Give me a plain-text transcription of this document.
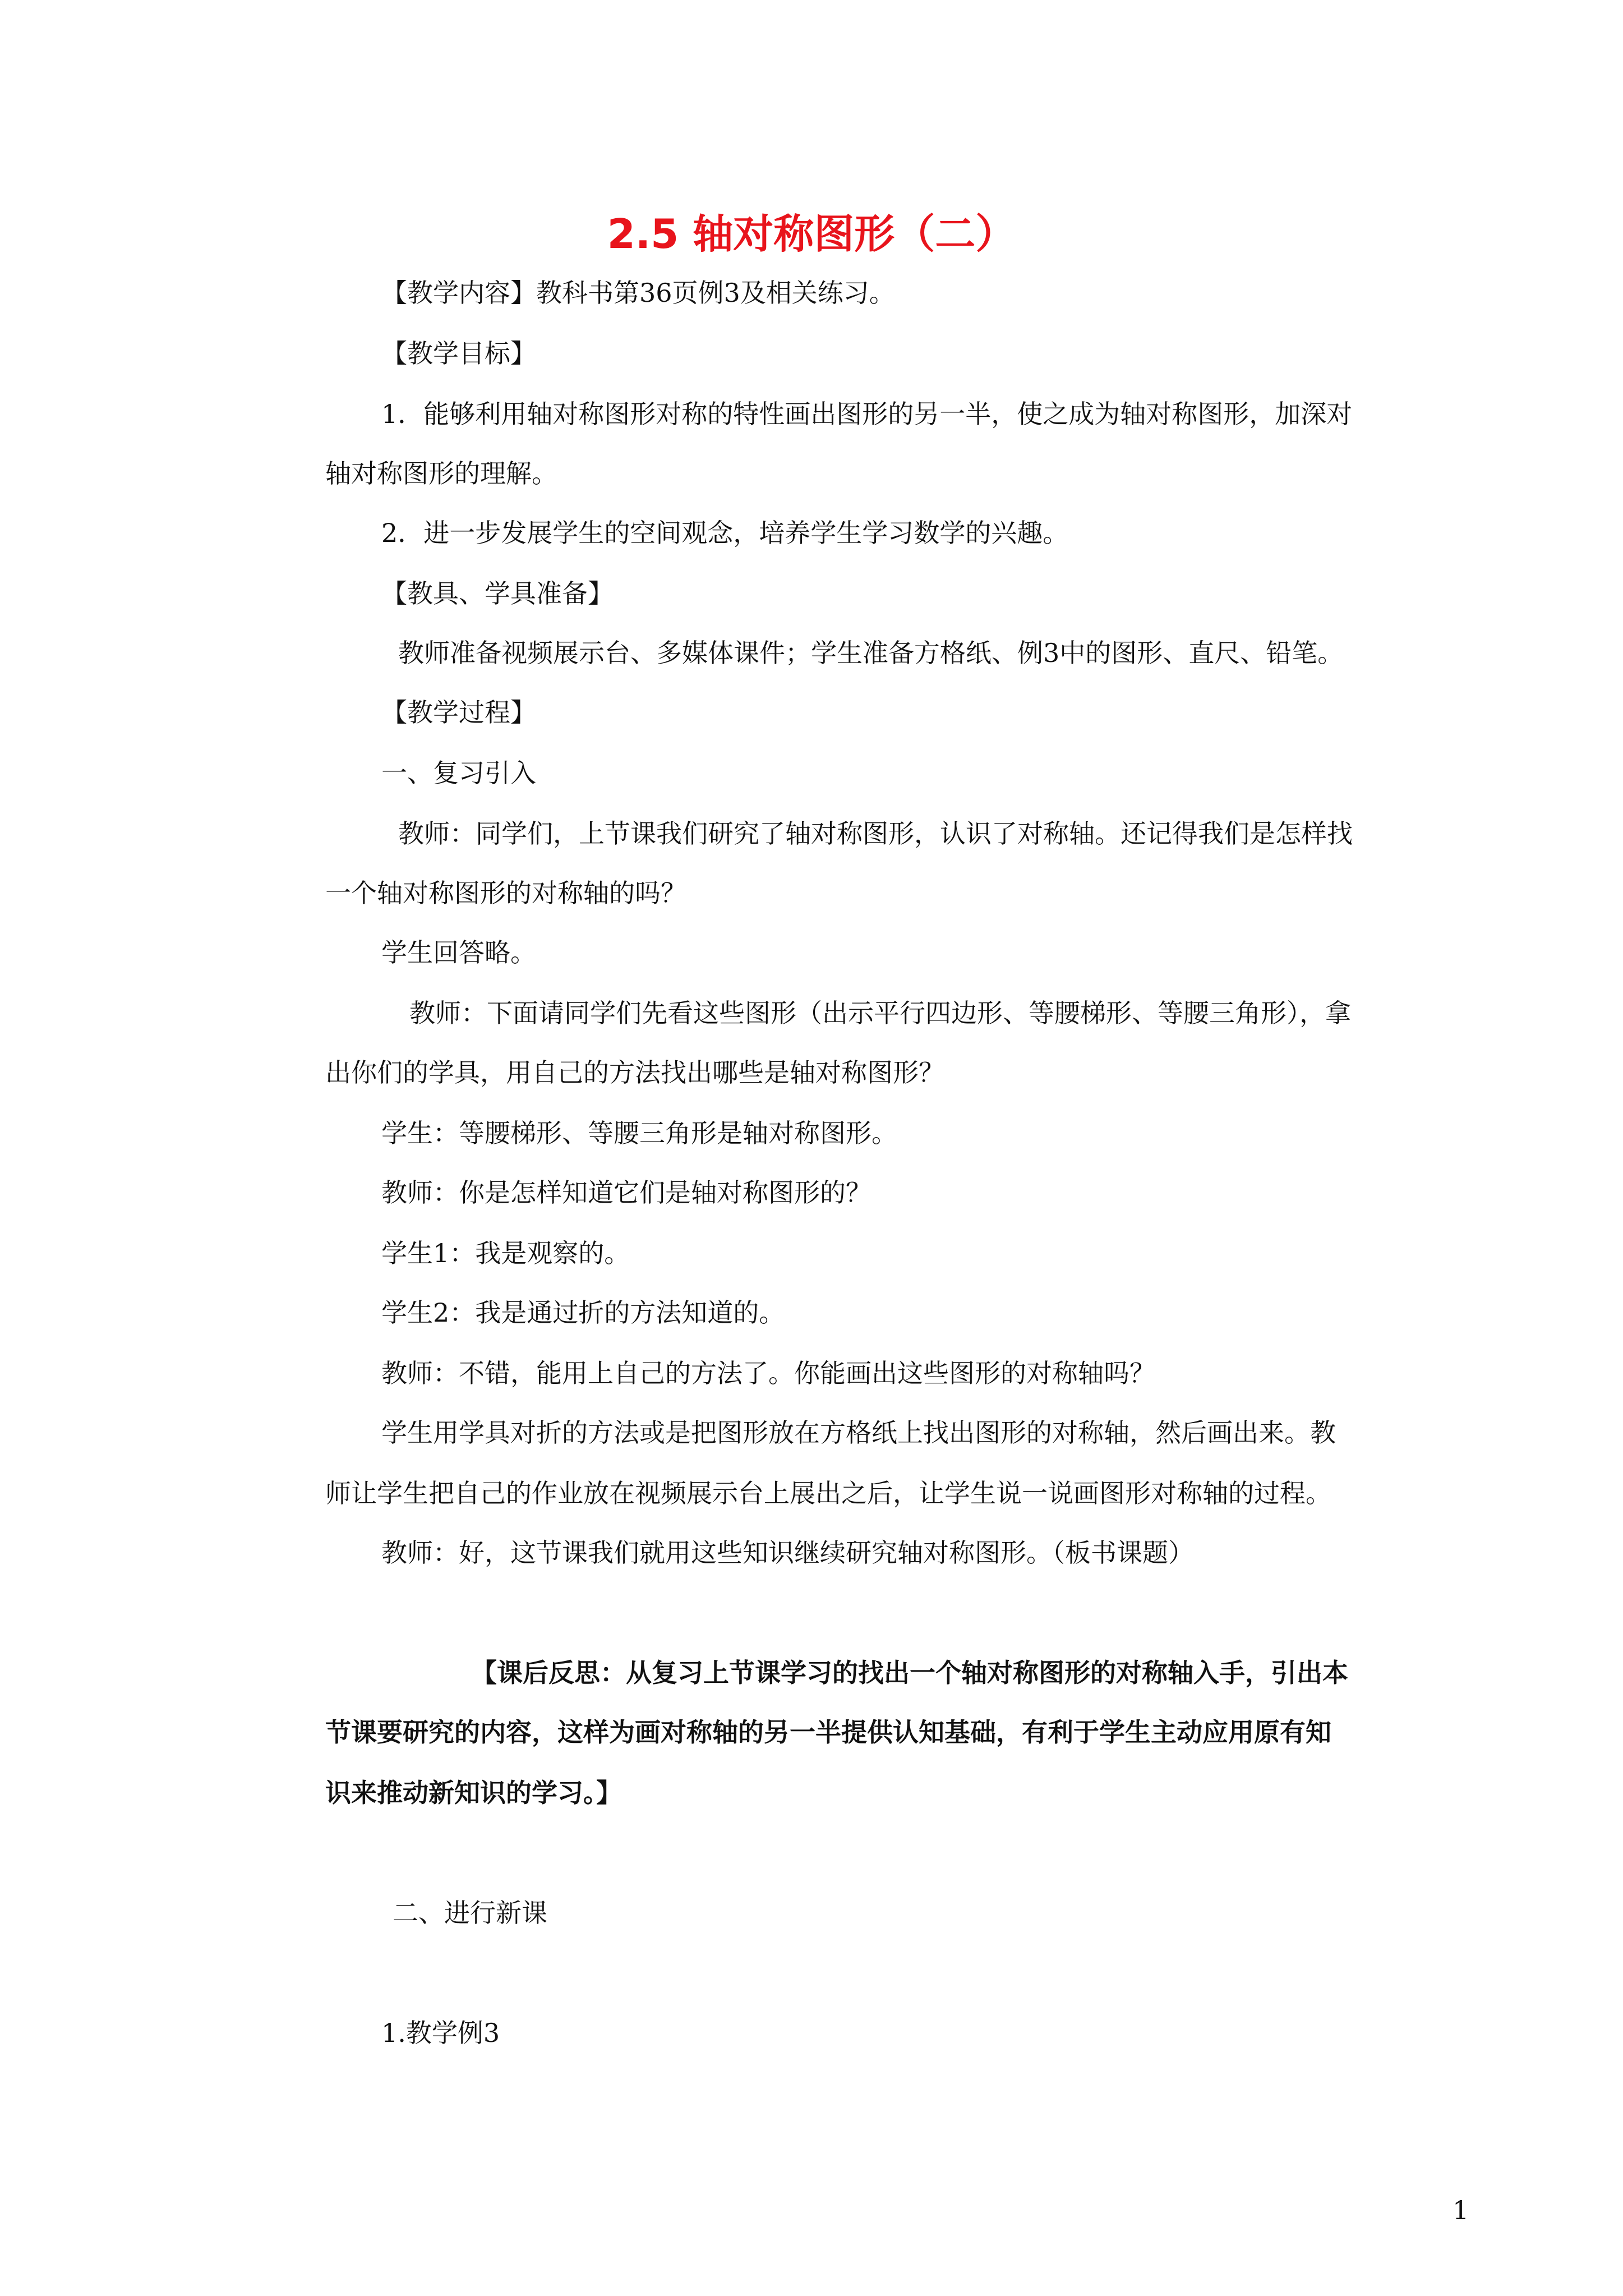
2.5 轴对称图形（二）
【教学内容】教科书第36页例3及相关练习。
【教学目标】
1．能够利用轴对称图形对称的特性画出图形的另一半，使之成为轴对称图形，加深对
轴对称图形的理解。
2．进一步发展学生的空间观念，培养学生学习数学的兴趣。
【教具、学具准备】
教师准备视频展示台、多媒体课件；学生准备方格纸、例3中的图形、直尺、铅笔。
【教学过程】
一、复习引入
教师：同学们，上节课我们研究了轴对称图形，认识了对称轴。还记得我们是怎样找
一个轴对称图形的对称轴的吗？
学生回答略。
教师：下面请同学们先看这些图形（出示平行四边形、等腰梯形、等腰三角形），拿
出你们的学具，用自己的方法找出哪些是轴对称图形？
学生：等腰梯形、等腰三角形是轴对称图形。
教师：你是怎样知道它们是轴对称图形的？
学生1：我是观察的。
学生2：我是通过折的方法知道的。
教师：不错，能用上自己的方法了。你能画出这些图形的对称轴吗？
学生用学具对折的方法或是把图形放在方格纸上找出图形的对称轴，然后画出来。教
师让学生把自己的作业放在视频展示台上展出之后，让学生说一说画图形对称轴的过程。
教师：好，这节课我们就用这些知识继续研究轴对称图形。（板书课题）
【课后反思：从复习上节课学习的找出一个轴对称图形的对称轴入手，引出本
节课要研究的内容，这样为画对称轴的另一半提供认知基础，有利于学生主动应用原有知
识来推动新知识的学习。】
二、进行新课
1.教学例3
1
